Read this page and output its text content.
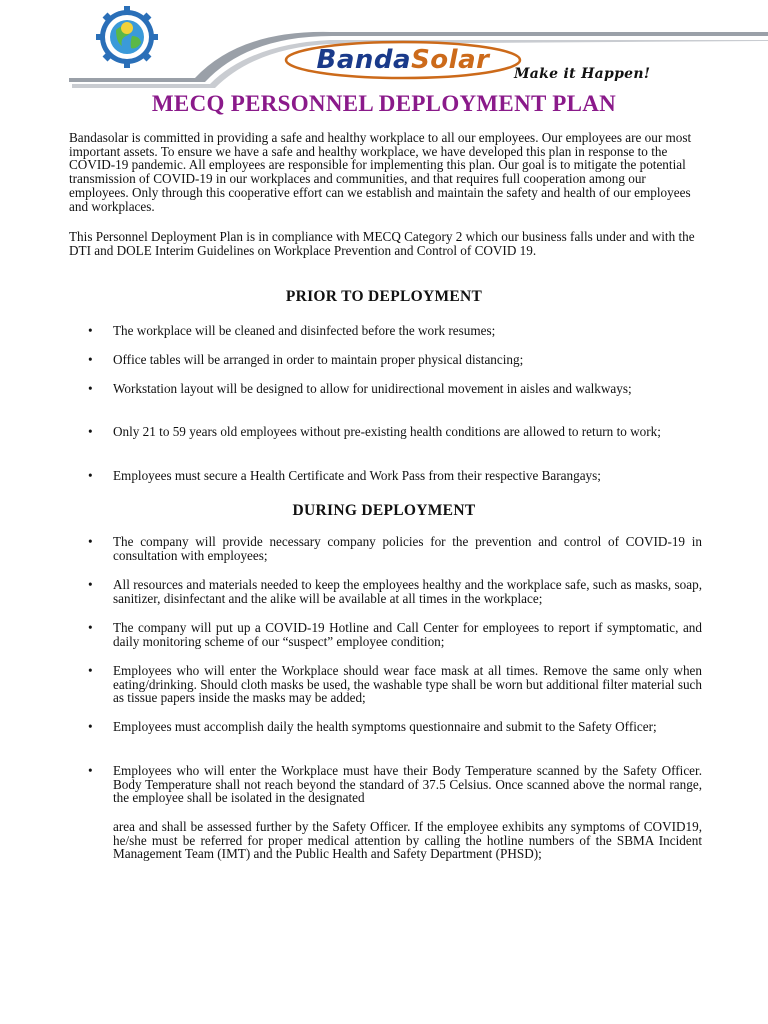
BandaSolar	Make it Happen!
MECQ PERSONNEL DEPLOYMENT PLAN

Bandasolar is committed in providing a safe and healthy workplace to all our employees. Our employees are our most important assets. To ensure we have a safe and healthy workplace, we have developed this plan in response to the COVID-19 pandemic. All employees are responsible for implementing this plan. Our goal is to mitigate the potential transmission of COVID-19 in our workplaces and communities, and that requires full cooperation among our employees. Only through this cooperative effort can we establish and maintain the safety and health of our employees and workplaces.

This Personnel Deployment Plan is in compliance with MECQ Category 2 which our business falls under and with the DTI and DOLE Interim Guidelines on Workplace Prevention and Control of COVID 19.

PRIOR TO DEPLOYMENT
•	The workplace will be cleaned and disinfected before the work resumes;

•	Office tables will be arranged in order to maintain proper physical distancing;

•	Workstation layout will be designed to allow for unidirectional movement in aisles and walkways;

•	Only 21 to 59 years old employees without pre-existing health conditions are allowed to return to work;

•	Employees must secure a Health Certificate and Work Pass from their respective Barangays;

DURING DEPLOYMENT
•	The company will provide necessary company policies for the prevention and control of COVID-19 in consultation with employees;

•	All resources and materials needed to keep the employees healthy and the workplace safe, such as masks, soap, sanitizer, disinfectant and the alike will be available at all times in the workplace;

•	The company will put up a COVID-19 Hotline and Call Center for employees to report if symptomatic, and daily monitoring scheme of our “suspect” employee condition;

•	Employees who will enter the Workplace should wear face mask at all times. Remove the same only when eating/drinking. Should cloth masks be used, the washable type shall be worn but additional filter material such as tissue papers inside the masks may be added;

•	Employees must accomplish daily the health symptoms questionnaire and submit to the Safety Officer;

•	Employees who will enter the Workplace must have their Body Temperature scanned by the Safety Officer. Body Temperature shall not reach beyond the standard of 37.5 Celsius. Once scanned above the normal range, the employee shall be isolated in the designated

area and shall be assessed further by the Safety Officer. If the employee exhibits any symptoms of COVID19, he/she must be referred for proper medical attention by calling the hotline numbers of the SBMA Incident Management Team (IMT) and the Public Health and Safety Department (PHSD);
